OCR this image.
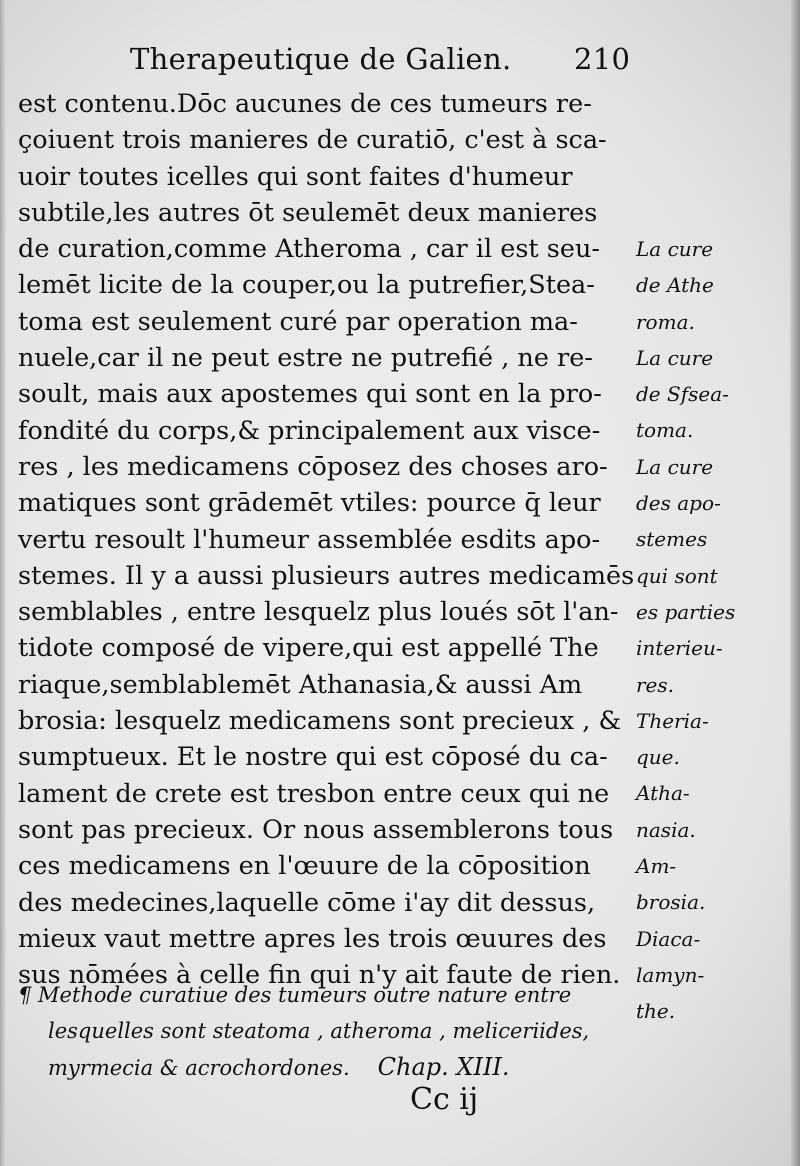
Therapeutique de Galien. 210
est contenu.Dōc aucunes de ces tumeurs re-
çoiuent trois manieres de curatiō, c'est à sca-
uoir toutes icelles qui sont faites d'humeur
subtile,les autres ōt seulemēt deux manieres
de curation,comme Atheroma , car il est seu-
lemēt licite de la couper,ou la putrefier,Stea-
toma est seulement curé par operation ma-
nuele,car il ne peut estre ne putrefié , ne re-
soult, mais aux apostemes qui sont en la pro-
fondité du corps,& principalement aux visce-
res , les medicamens cōposez des choses aro-
matiques sont grādemēt vtiles: pource q̄ leur
vertu resoult l'humeur assemblée esdits apo-
stemes. Il y a aussi plusieurs autres medicamēs
semblables , entre lesquelz plus loués sōt l'an-
tidote composé de vipere,qui est appellé The
riaque,semblablemēt Athanasia,& aussi Am
brosia: lesquelz medicamens sont precieux , &
sumptueux. Et le nostre qui est cōposé du ca-
lament de crete est tresbon entre ceux qui ne
sont pas precieux. Or nous assemblerons tous
ces medicamens en l'œuure de la cōposition
des medecines,laquelle cōme i'ay dit dessus,
mieux vaut mettre apres les trois œuures des
sus nōmées à celle fin qui n'y ait faute de rien.
La cure
de Athe
roma.
La cure
de Sfsea-
toma.
La cure
des apo-
stemes
qui sont
es parties
interieu-
res.
Theria-
que.
Atha-
nasia.
Am-
brosia.
Diaca-
lamyn-
the.
¶ Methode curatiue des tumeurs outre nature entre
lesquelles sont steatoma , atheroma , meliceriides,
myrmecia & acrochordones. Chap. XIII.
Cc ij
